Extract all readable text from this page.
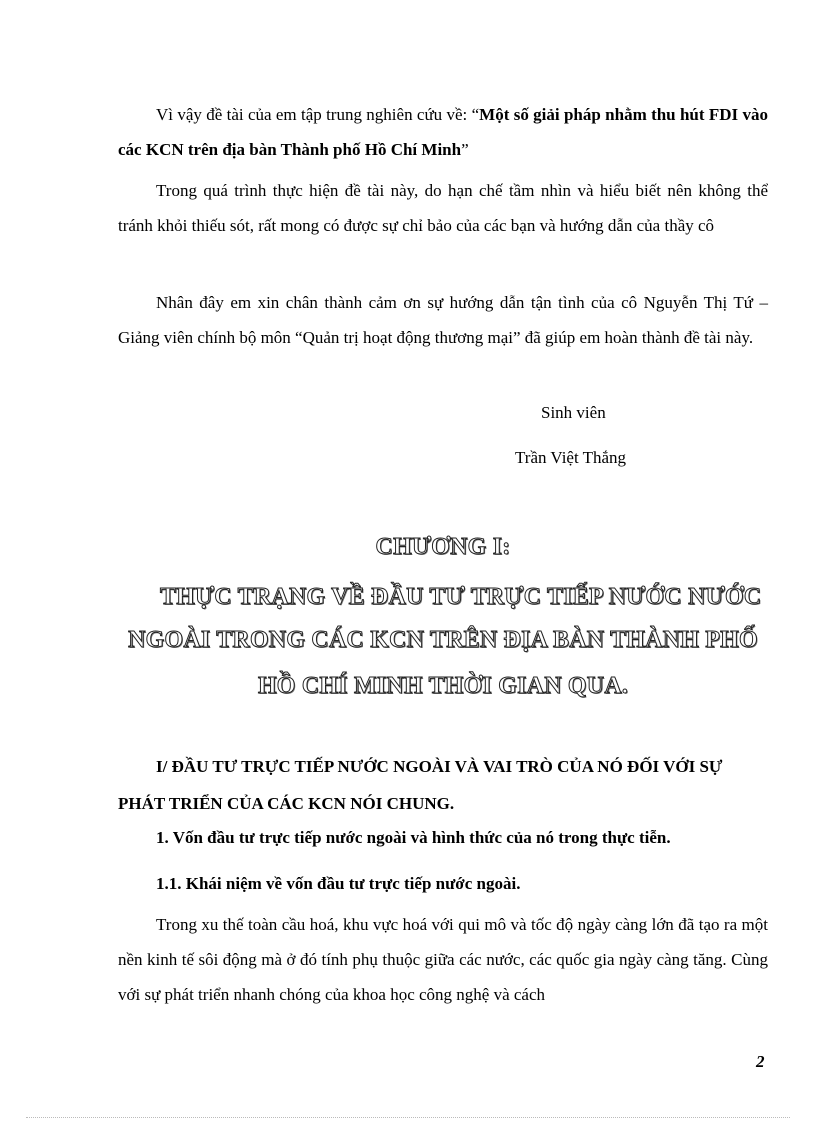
Vì vậy đề tài của em tập trung nghiên cứu về: “Một số giải pháp nhằm thu hút FDI vào các KCN trên địa bàn Thành phố Hồ Chí Minh”

Trong quá trình thực hiện đề tài này, do hạn chế tầm nhìn và hiểu biết nên không thể tránh khỏi thiếu sót, rất mong có được sự chỉ bảo của các bạn và hướng dẫn của thầy cô

Nhân đây em xin chân thành cảm ơn sự hướng dẫn tận tình của cô Nguyễn Thị Tứ – Giảng viên chính bộ môn “Quản trị hoạt động thương mại” đã giúp em hoàn thành đề tài này.

Sinh viên

Trần Việt Thắng

CHƯƠNG I:

THỰC TRẠNG VỀ ĐẦU TƯ TRỰC TIẾP NƯỚC NƯỚC

NGOÀI TRONG CÁC KCN TRÊN ĐỊA BÀN THÀNH PHỐ

HỒ CHÍ MINH THỜI GIAN QUA.

I/ ĐẦU TƯ TRỰC TIẾP NƯỚC NGOÀI VÀ VAI TRÒ CỦA NÓ ĐỐI VỚI SỰ PHÁT TRIỂN CỦA CÁC KCN NÓI CHUNG.

1. Vốn đầu tư trực tiếp nước ngoài và hình thức của nó trong thực tiễn.

1.1. Khái niệm về vốn đầu tư trực tiếp nước ngoài.

Trong xu thế toàn cầu hoá, khu vực hoá với qui mô và tốc độ ngày càng lớn đã tạo ra một nền kinh tế sôi động mà ở đó tính phụ thuộc giữa các nước, các quốc gia ngày càng tăng. Cùng với sự phát triển nhanh chóng của khoa học công nghệ và cách

2
